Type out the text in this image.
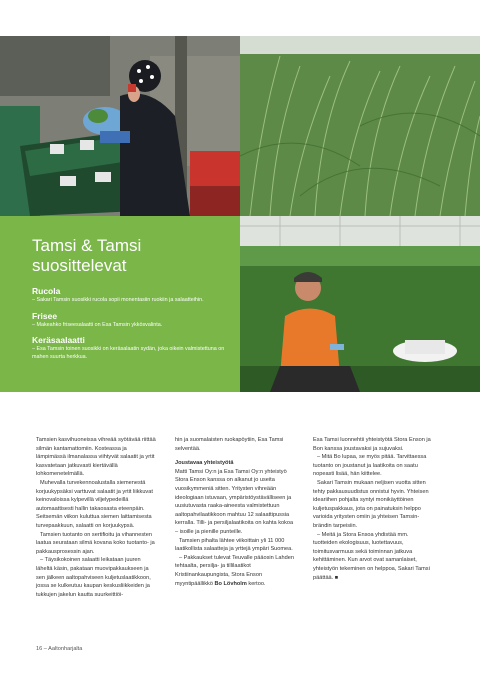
Tamsi & Tamsi
suosittelevat
Rucola
– Sakari Tamsin suosikki rucola sopii monentasiin ruokiin ja salaatteihin.
Frisee
– Makeahko friseesalaatti on Esa Tamsin ykkösvalinta.
Keräsaalaatti
– Esa Tamsin toinen suosikki on keräsalaatin sydän, joka oikein valmistettuna on mahen suurta herkkua.

Tamsien kasvihuoneissa vihreää syötävää riittää silmän kantamattomiin. Kosteassa ja lämpimässä ilmanalassa viihtyvät salaatit ja yrtit kasvatetaan jatkuvasti kiertävällä lohkomenetelmällä.

Muhevalla turvekennoalustalla siemenestä korjuukypsäksi varttuvat salaatit ja yrtit liikkuvat keinovaloissa kylpevillä viljelypedeillä automaattisesti hallin takaosasta eteenpäin. Seitsemän viikon kuluttua siemen laittamisesta turvepaakkuun, salaatti on korjuukypsä.

Tamsien tuotanto on sertifioitu ja vihannesten laatua seurataan silmä kovana koko tuotanto- ja pakkausprosessin ajan.

– Täysikokoinen salaatti leikataan juuren läheltä käsin, pakataan muovipakkaukseen ja sen jälkeen aaltopahviseen kuljetuslaatikkoon, jossa se kulkeutuu kaupan keskusliikkeiden ja tukkujen jakelun kautta suurkeittiöi-

hin ja suomalaisten ruokapöytiin, Esa Tamsi selventää.

Joustavaa yhteistyötä

Matti Tamsi Oy:n ja Esa Tamsi Oy:n yhteistyö Stora Enson kanssa on alkanut jo useita vuosikymmeniä sitten. Yritysten vihreään ideologiaan istuvaan, ympäristöystävälliseen ja uusiutuvasta raaka-aineesta valmistettuun aaltopahvilaatikkoon mahtuu 12 salaattipussia kerralla. Tilli- ja persiljalaatikoita on kahta kokoa – isoille ja pienille punteille.

Tamsien pihalta lähtee viikoittain yli 11 000 laatikollista salaatteja ja yrttejä ympäri Suomea.

– Pakkaukset tulevat Teuvalle pääosin Lahden tehtaalta, persilja- ja tillilaatikot Kristiinankaupungista, Stora Enson myyntipäällikkö Bo Lövholm kertoo.

Esa Tamsi luonnehtii yhteistyötä Stora Enson ja Bon kanssa joustavaksi ja sujuvaksi.

– Mitä Bo lupaa, se myös pitää. Tarvittaessa tuotanto on joustanut ja laatikoita on saatu nopeasti lisää, hän kiittelee.

Sakari Tamsin mukaan neljisen vuotta sitten tehty pakkausuudistus onnistui hyvin. Yhteisen ideariihen pohjalta syntyi monikäyttöinen kuljetuspakkaus, jota on painatuksin helppo varioida yritysten omiin ja yhteisen Tamsin-brändin tarpeisiin.

– Meitä ja Stora Ensoa yhdistää mm. tuotteiden ekologisuus, luotettavuus, toimitusvarmuus sekä toiminnan jatkuva kehittäminen. Kun arvot ovat samanlaiset, yhteistyön tekeminen on helppoa, Sakari Tamsi päättää. ■

16 – Aaltonharjalta
